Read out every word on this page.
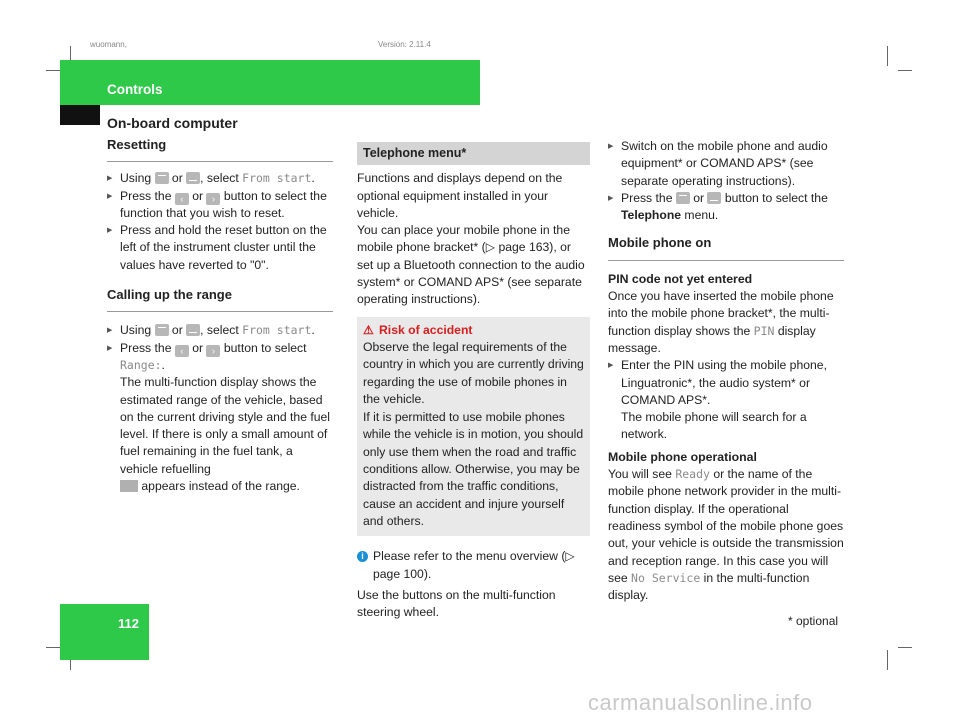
wuomann,	Version: 2.11.4
Controls
On-board computer
112	* optional
Resetting
▶ Using  or , select From start.
▶ Press the ‹ or › button to select the function that you wish to reset.
▶ Press and hold the reset button on the left of the instrument cluster until the values have reverted to "0".
Calling up the range
▶ Using  or , select From start.
▶ Press the ‹ or › button to select
Range:.
The multi-function display shows the estimated range of the vehicle, based on the current driving style and the fuel level. If there is only a small amount of fuel remaining in the fuel tank, a vehicle refuelling
appears instead of the range.
Telephone menu*
Functions and displays depend on the optional equipment installed in your vehicle.
You can place your mobile phone in the mobile phone bracket* (▷ page 163), or set up a Bluetooth connection to the audio system* or COMAND APS* (see separate operating instructions).
⚠ Risk of accident
Observe the legal requirements of the country in which you are currently driving regarding the use of mobile phones in the vehicle.
If it is permitted to use mobile phones while the vehicle is in motion, you should only use them when the road and traffic conditions allow. Otherwise, you may be distracted from the traffic conditions, cause an accident and injure yourself and others.
i Please refer to the menu overview (▷ page 100).
Use the buttons on the multi-function steering wheel.
▶ Switch on the mobile phone and audio equipment* or COMAND APS* (see separate operating instructions).
▶ Press the  or  button to select the Telephone menu.
Mobile phone on
PIN code not yet entered
Once you have inserted the mobile phone into the mobile phone bracket*, the multi-function display shows the PIN display message.
▶ Enter the PIN using the mobile phone, Linguatronic*, the audio system* or COMAND APS*.
The mobile phone will search for a network.
Mobile phone operational
You will see Ready or the name of the mobile phone network provider in the multi-function display. If the operational readiness symbol of the mobile phone goes out, your vehicle is outside the transmission and reception range. In this case you will see No Service in the multi-function display.
carmanualsonline.info
